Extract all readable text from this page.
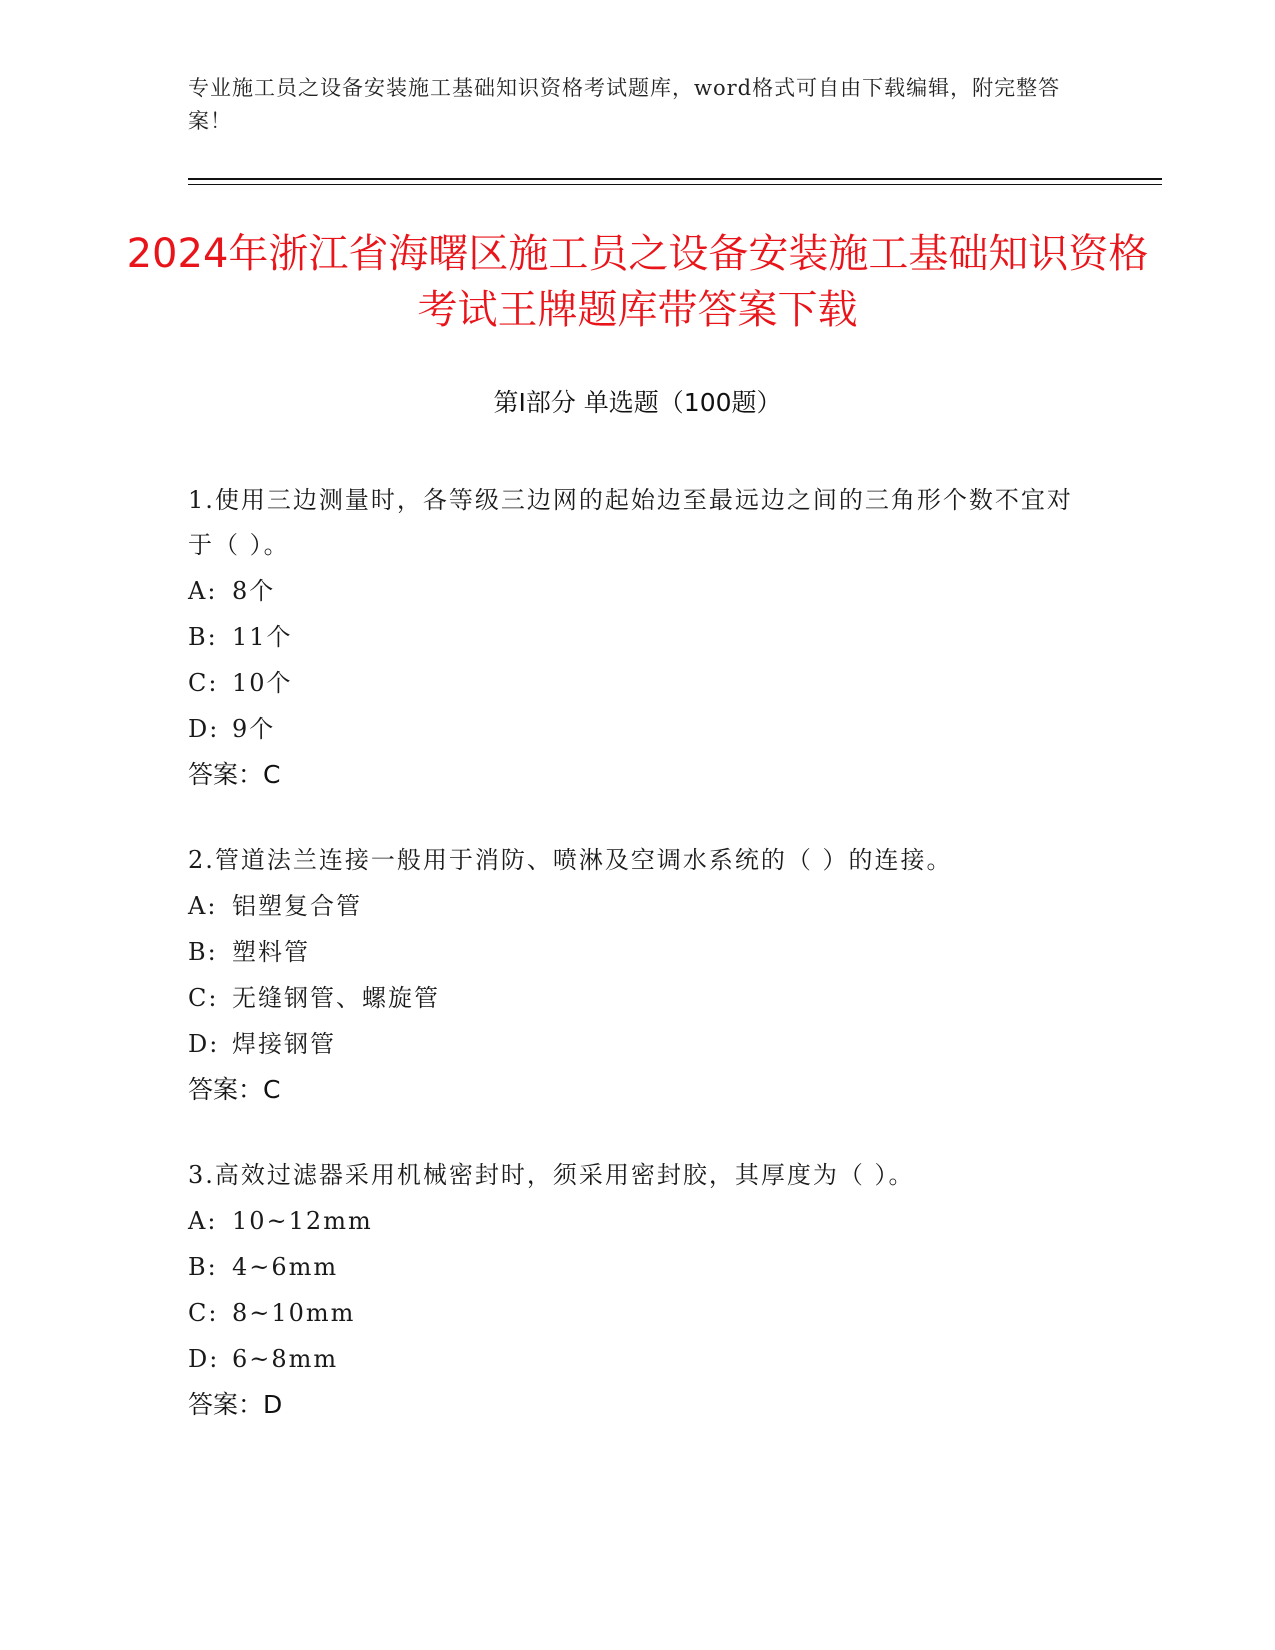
专业施工员之设备安装施工基础知识资格考试题库，word格式可自由下载编辑，附完整答案！
2024年浙江省海曙区施工员之设备安装施工基础知识资格考试王牌题库带答案下载
第Ⅰ部分 单选题（100题）

1.使用三边测量时，各等级三边网的起始边至最远边之间的三角形个数不宜对于（ ）。

A: 8个

B: 11个

C: 10个

D: 9个

答案：C

2.管道法兰连接一般用于消防、喷淋及空调水系统的（ ）的连接。

A: 铝塑复合管

B: 塑料管

C: 无缝钢管、螺旋管

D: 焊接钢管

答案：C

3.高效过滤器采用机械密封时，须采用密封胶，其厚度为（ ）。

A: 10~12mm

B: 4~6mm

C: 8~10mm

D: 6~8mm

答案：D
